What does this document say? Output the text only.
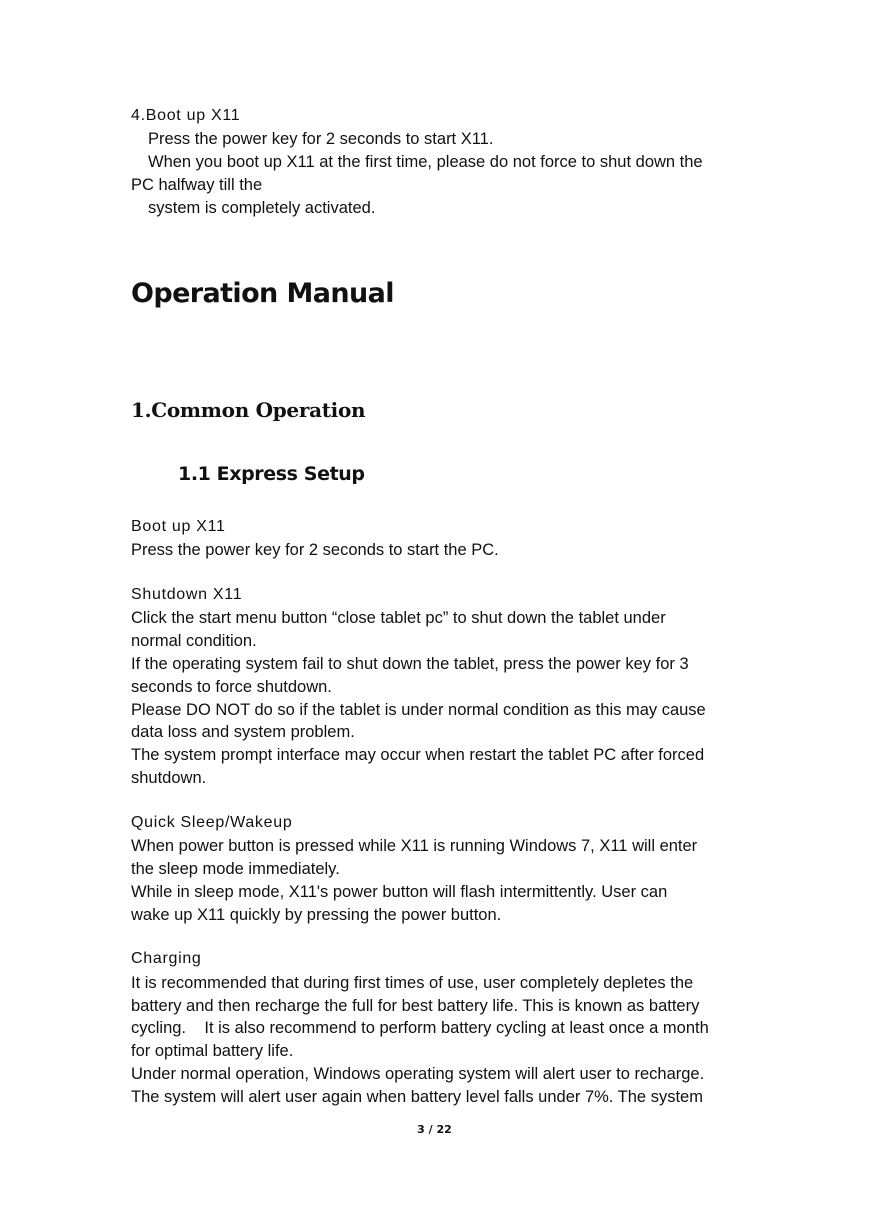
4.Boot up X11
Press the power key for 2 seconds to start X11.
When you boot up X11 at the first time, please do not force to shut down the
PC halfway till the
system is completely activated.
Operation Manual
1.Common Operation
1.1 Express Setup
Boot up X11
Press the power key for 2 seconds to start the PC.
Shutdown X11
Click the start menu button “close tablet pc” to shut down the tablet under
normal condition.
If the operating system fail to shut down the tablet, press the power key for 3
seconds to force shutdown.
Please DO NOT do so if the tablet is under normal condition as this may cause
data loss and system problem.
The system prompt interface may occur when restart the tablet PC after forced
shutdown.
Quick Sleep/Wakeup
When power button is pressed while X11 is running Windows 7, X11 will enter
the sleep mode immediately.
While in sleep mode, X11's power button will flash intermittently. User can
wake up X11 quickly by pressing the power button.
Charging
It is recommended that during first times of use, user completely depletes the
battery and then recharge the full for best battery life. This is known as battery
cycling.    It is also recommend to perform battery cycling at least once a month
for optimal battery life.
Under normal operation, Windows operating system will alert user to recharge.
The system will alert user again when battery level falls under 7%. The system
3 / 22
